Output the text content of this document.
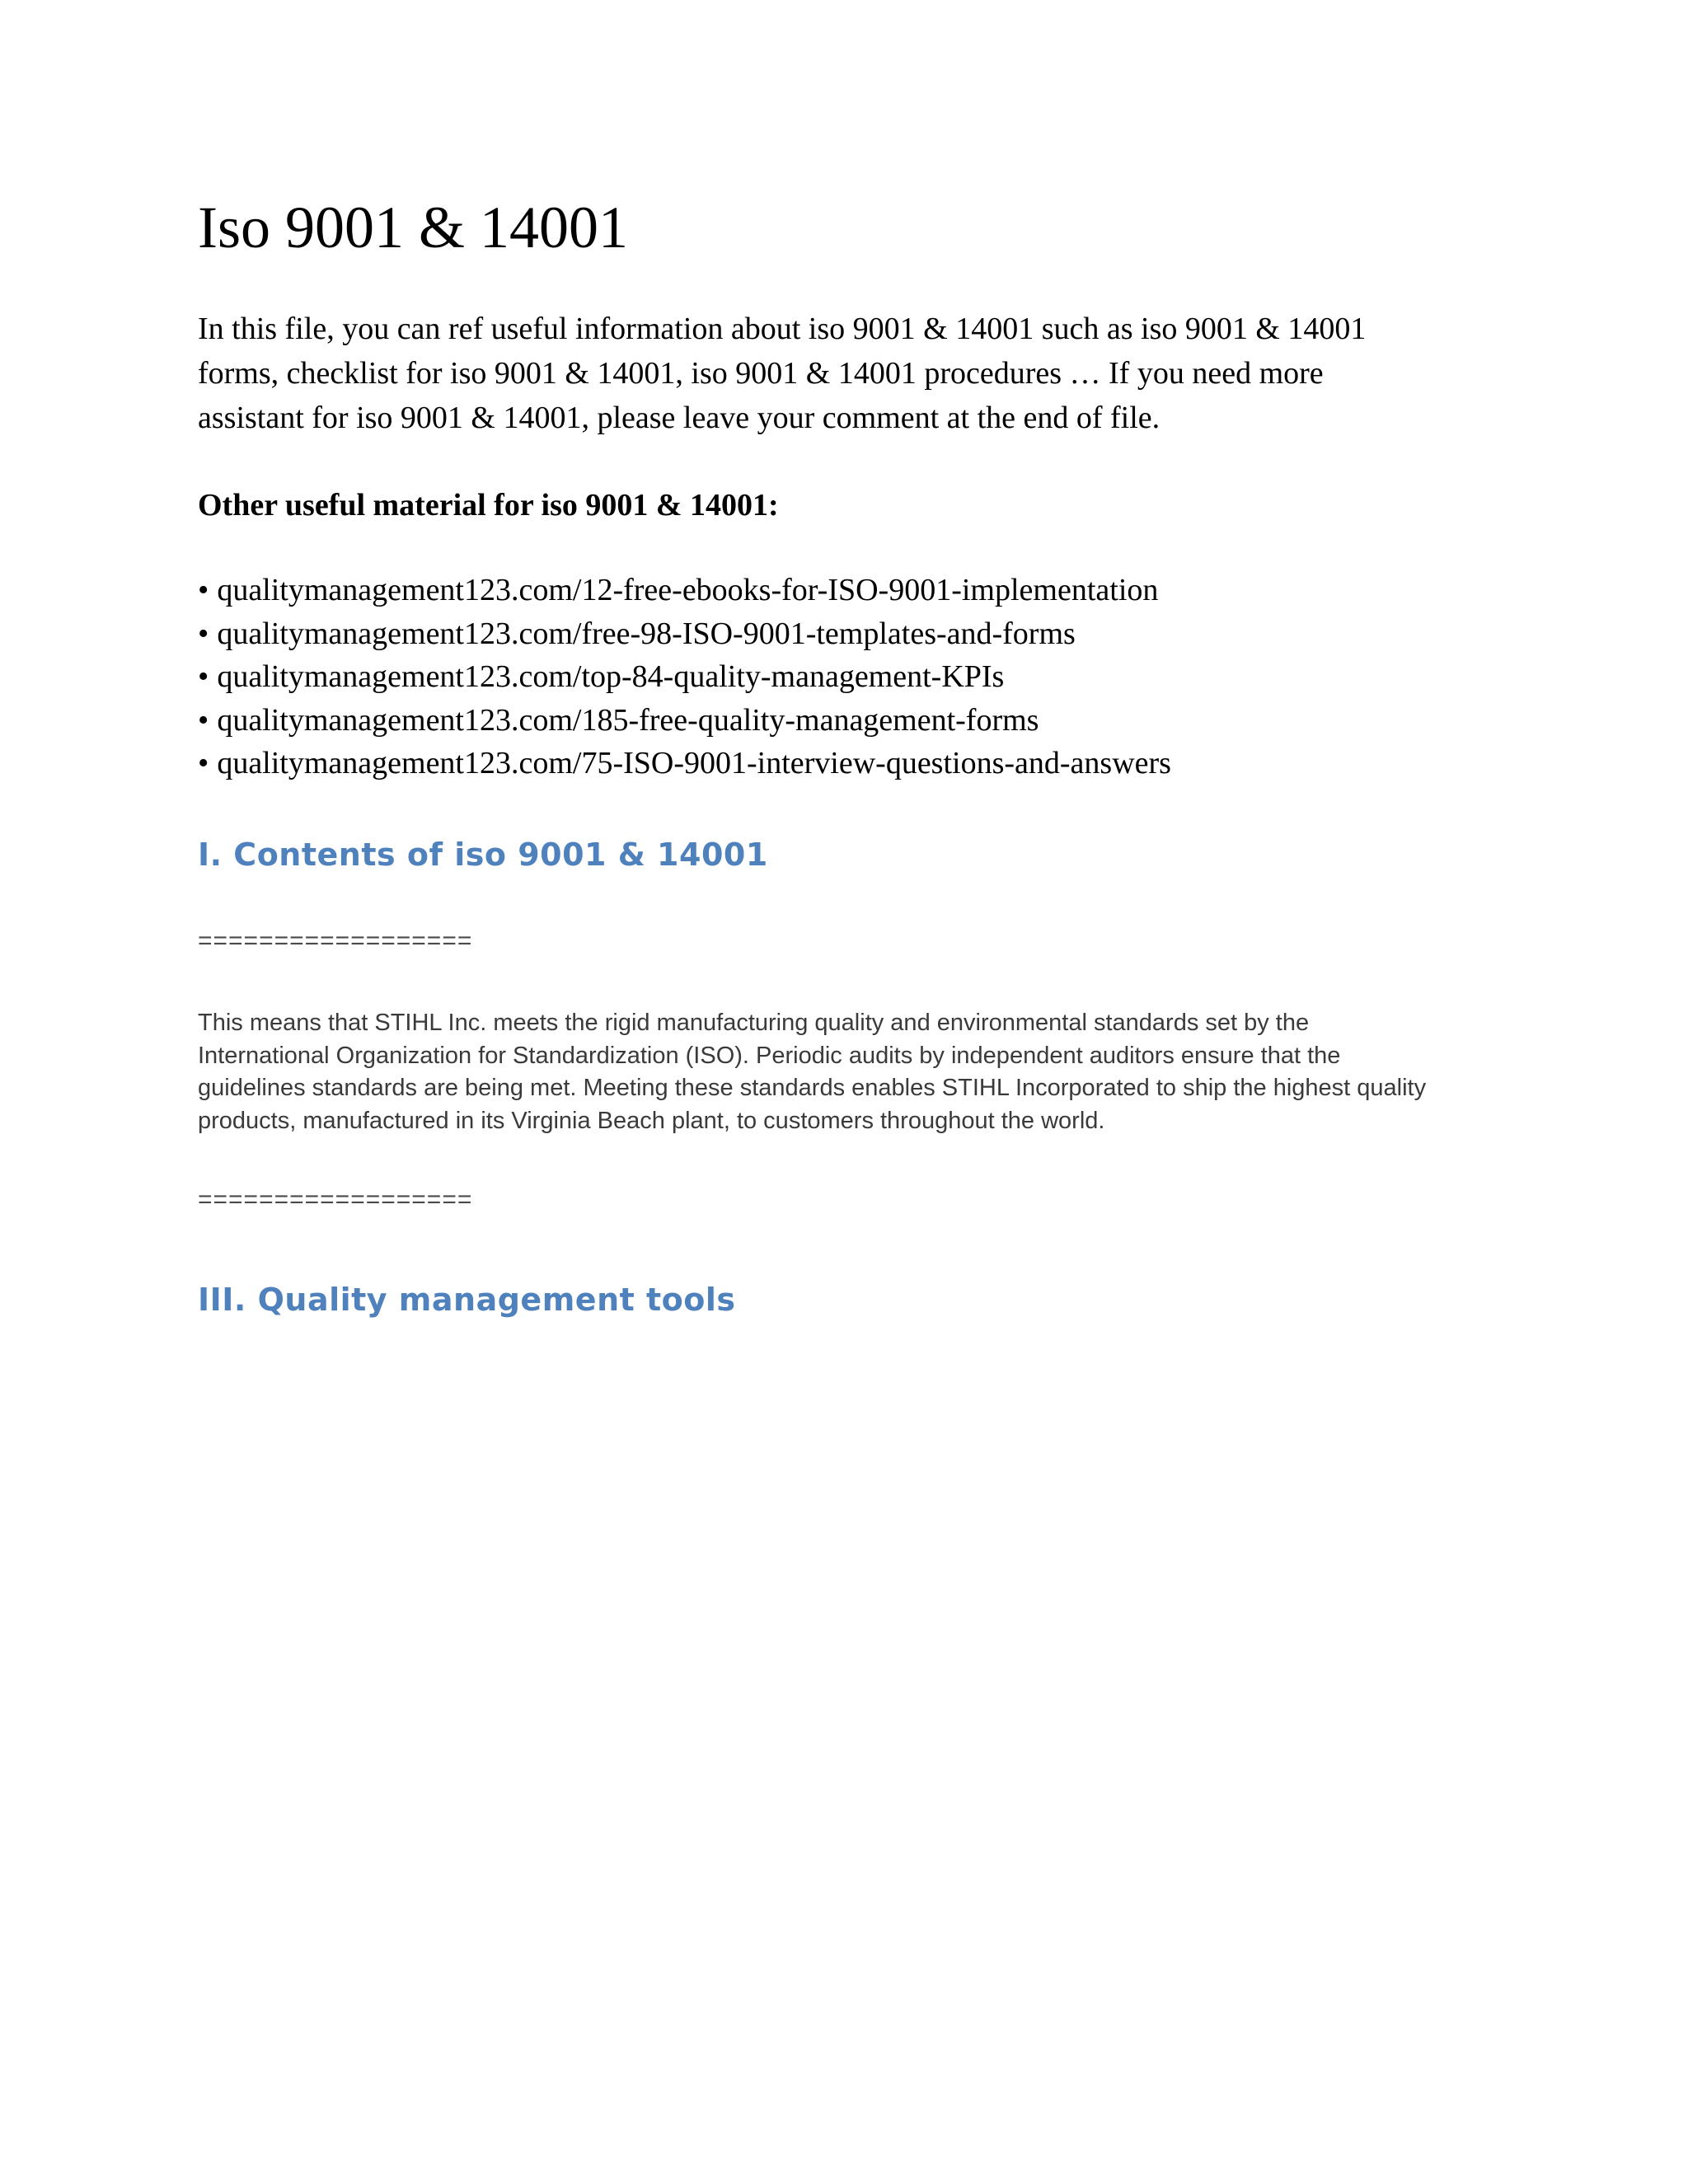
Iso 9001 & 14001

In this file, you can ref useful information about iso 9001 & 14001 such as iso 9001 & 14001
forms, checklist for iso 9001 & 14001, iso 9001 & 14001 procedures … If you need more
assistant for iso 9001 & 14001, please leave your comment at the end of file.

Other useful material for iso 9001 & 14001:
• qualitymanagement123.com/12-free-ebooks-for-ISO-9001-implementation
• qualitymanagement123.com/free-98-ISO-9001-templates-and-forms
• qualitymanagement123.com/top-84-quality-management-KPIs
• qualitymanagement123.com/185-free-quality-management-forms
• qualitymanagement123.com/75-ISO-9001-interview-questions-and-answers
I. Contents of iso 9001 & 14001
==================

This means that STIHL Inc. meets the rigid manufacturing quality and environmental standards set by the
International Organization for Standardization (ISO). Periodic audits by independent auditors ensure that the
guidelines standards are being met. Meeting these standards enables STIHL Incorporated to ship the highest quality
products, manufactured in its Virginia Beach plant, to customers throughout the world.

==================
III. Quality management tools
